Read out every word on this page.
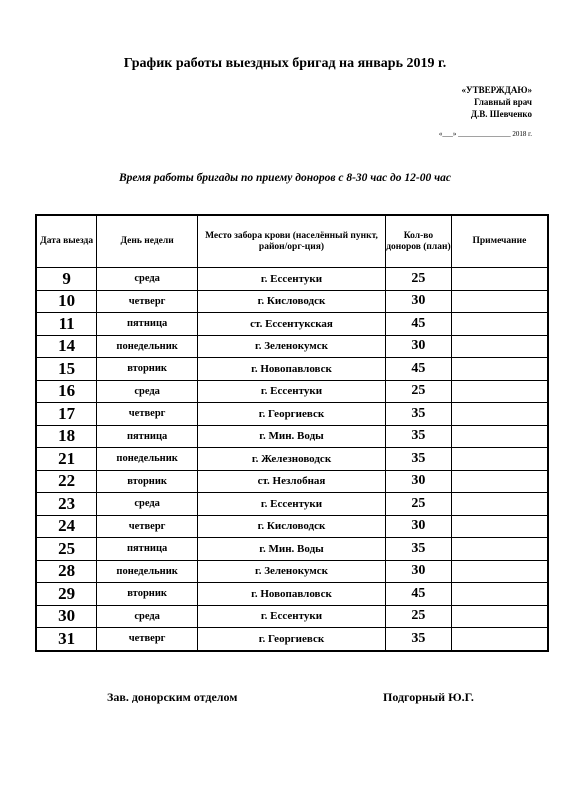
График работы выездных бригад на январь 2019 г.
«УТВЕРЖДАЮ»
Главный врач
Д.В. Шевченко
«___» _______________ 2018 г.
Время работы бригады по приему доноров с 8-30 час до 12-00 час
Дата выезда	День недели	Место забора крови (населённый пункт, район/орг-ция)	Кол-во доноров (план)	Примечание
9	среда	г. Ессентуки	25	
10	четверг	г. Кисловодск	30	
11	пятница	ст. Ессентукская	45	
14	понедельник	г. Зеленокумск	30	
15	вторник	г. Новопавловск	45	
16	среда	г. Ессентуки	25	
17	четверг	г. Георгиевск	35	
18	пятница	г. Мин. Воды	35	
21	понедельник	г. Железноводск	35	
22	вторник	ст. Незлобная	30	
23	среда	г. Ессентуки	25	
24	четверг	г. Кисловодск	30	
25	пятница	г. Мин. Воды	35	
28	понедельник	г. Зеленокумск	30	
29	вторник	г. Новопавловск	45	
30	среда	г. Ессентуки	25	
31	четверг	г. Георгиевск	35	
Зав. донорским отделом	Подгорный Ю.Г.
